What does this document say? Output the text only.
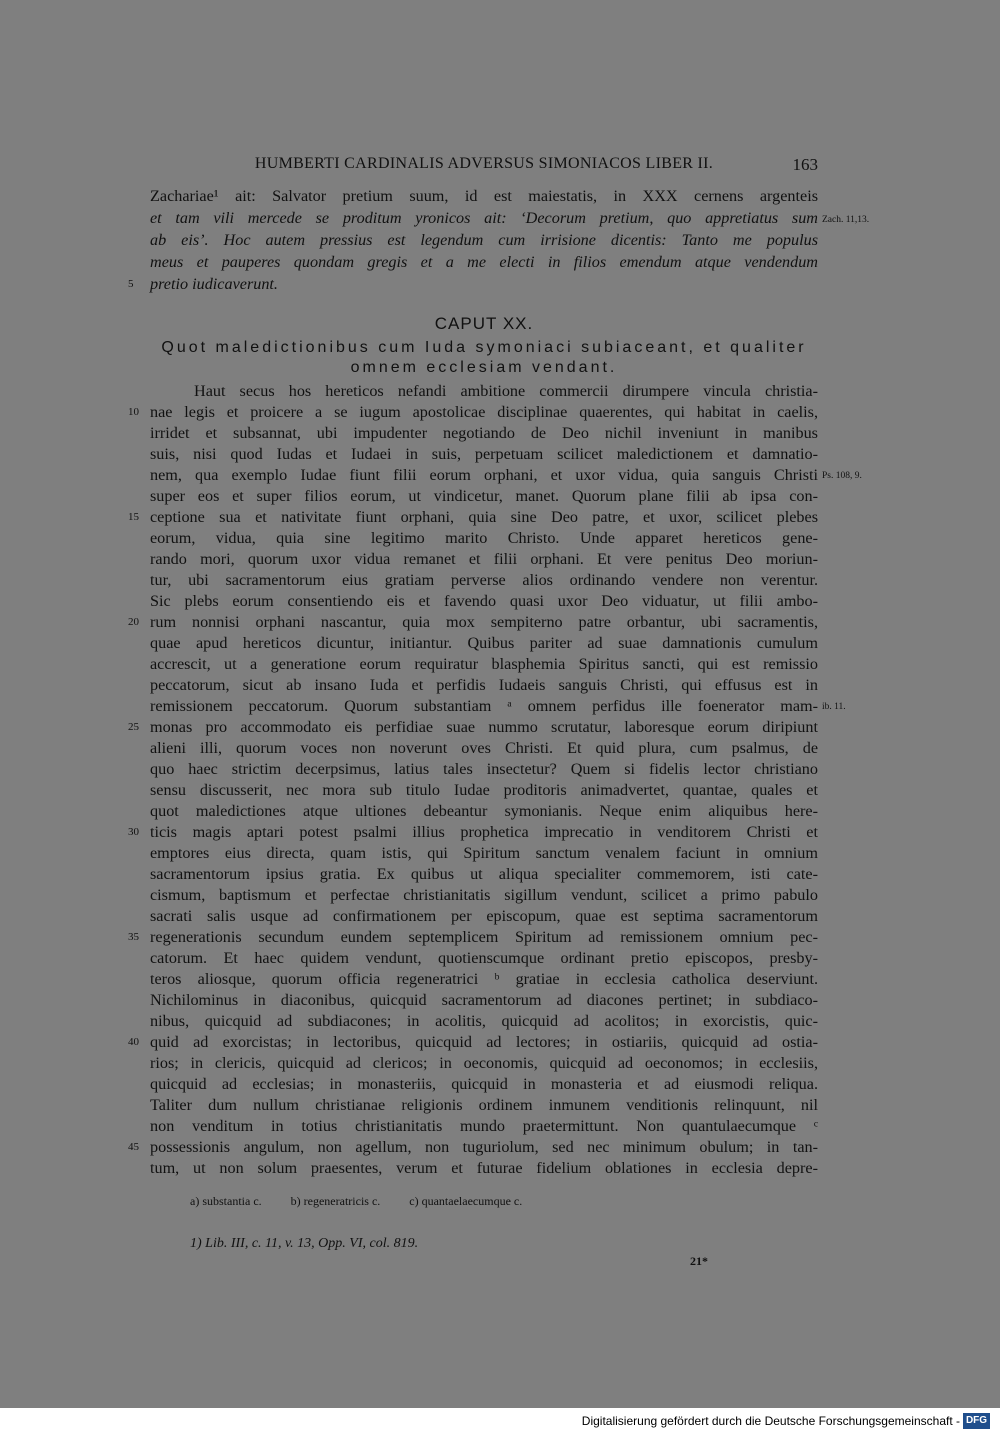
HUMBERTI CARDINALIS ADVERSUS SIMONIACOS LIBER II.	163
Zachariae¹ ait: Salvator pretium suum, id est maiestatis, in XXX cernens argenteis
et tam vili mercede se proditum yronicos ait: ‘Decorum pretium, quo appretiatus sum
ab eis’. Hoc autem pressius est legendum cum irrisione dicentis: Tanto me populus
meus et pauperes quondam gregis et a me electi in filios emendum atque vendendum
pretio iudicaverunt.
CAPUT XX.
Quot maledictionibus cum Iuda symoniaci subiaceant, et qualiter
omnem ecclesiam vendant.
Haut secus hos hereticos nefandi ambitione commercii dirumpere vincula christia-
nae legis et proicere a se iugum apostolicae disciplinae quaerentes, qui habitat in caelis,
irridet et subsannat, ubi impudenter negotiando de Deo nichil inveniunt in manibus
suis, nisi quod Iudas et Iudaei in suis, perpetuam scilicet maledictionem et damnatio-
nem, qua exemplo Iudae fiunt filii eorum orphani, et uxor vidua, quia sanguis Christi
super eos et super filios eorum, ut vindicetur, manet. Quorum plane filii ab ipsa con-
ceptione sua et nativitate fiunt orphani, quia sine Deo patre, et uxor, scilicet plebes
eorum, vidua, quia sine legitimo marito Christo. Unde apparet hereticos gene-
rando mori, quorum uxor vidua remanet et filii orphani. Et vere penitus Deo moriun-
tur, ubi sacramentorum eius gratiam perverse alios ordinando vendere non verentur.
Sic plebs eorum consentiendo eis et favendo quasi uxor Deo viduatur, ut filii ambo-
rum nonnisi orphani nascantur, quia mox sempiterno patre orbantur, ubi sacramentis,
quae apud hereticos dicuntur, initiantur. Quibus pariter ad suae damnationis cumulum
accrescit, ut a generatione eorum requiratur blasphemia Spiritus sancti, qui est remissio
peccatorum, sicut ab insano Iuda et perfidis Iudaeis sanguis Christi, qui effusus est in
remissionem peccatorum. Quorum substantiam ᵃ omnem perfidus ille foenerator mam-
monas pro accommodato eis perfidiae suae nummo scrutatur, laboresque eorum diripiunt
alieni illi, quorum voces non noverunt oves Christi. Et quid plura, cum psalmus, de
quo haec strictim decerpsimus, latius tales insectetur? Quem si fidelis lector christiano
sensu discusserit, nec mora sub titulo Iudae proditoris animadvertet, quantae, quales et
quot maledictiones atque ultiones debeantur symonianis. Neque enim aliquibus here-
ticis magis aptari potest psalmi illius prophetica imprecatio in venditorem Christi et
emptores eius directa, quam istis, qui Spiritum sanctum venalem faciunt in omnium
sacramentorum ipsius gratia. Ex quibus ut aliqua specialiter commemorem, isti cate-
cismum, baptismum et perfectae christianitatis sigillum vendunt, scilicet a primo pabulo
sacrati salis usque ad confirmationem per episcopum, quae est septima sacramentorum
regenerationis secundum eundem septemplicem Spiritum ad remissionem omnium pec-
catorum. Et haec quidem vendunt, quotienscumque ordinant pretio episcopos, presby-
teros aliosque, quorum officia regeneratrici ᵇ gratiae in ecclesia catholica deserviunt.
Nichilominus in diaconibus, quicquid sacramentorum ad diacones pertinet; in subdiaco-
nibus, quicquid ad subdiacones; in acolitis, quicquid ad acolitos; in exorcistis, quic-
quid ad exorcistas; in lectoribus, quicquid ad lectores; in ostiariis, quicquid ad ostia-
rios; in clericis, quicquid ad clericos; in oeconomis, quicquid ad oeconomos; in ecclesiis,
quicquid ad ecclesias; in monasteriis, quicquid in monasteria et ad eiusmodi reliqua.
Taliter dum nullum christianae religionis ordinem inmunem venditionis relinquunt, nil
non venditum in totius christianitatis mundo praetermittunt. Non quantulaecumque ᶜ
possessionis angulum, non agellum, non tuguriolum, sed nec minimum obulum; in tan-
tum, ut non solum praesentes, verum et futurae fidelium oblationes in ecclesia depre-
5
10
15
20
25
30
35
40
45
Zach. 11,13.
Ps. 108, 9.
ib. 11.
a) substantia c. b) regeneratricis c. c) quantaelaecumque c.
1) Lib. III, c. 11, v. 13, Opp. VI, col. 819.
21*
Digitalisierung gefördert durch die Deutsche Forschungsgemeinschaft - DFG
